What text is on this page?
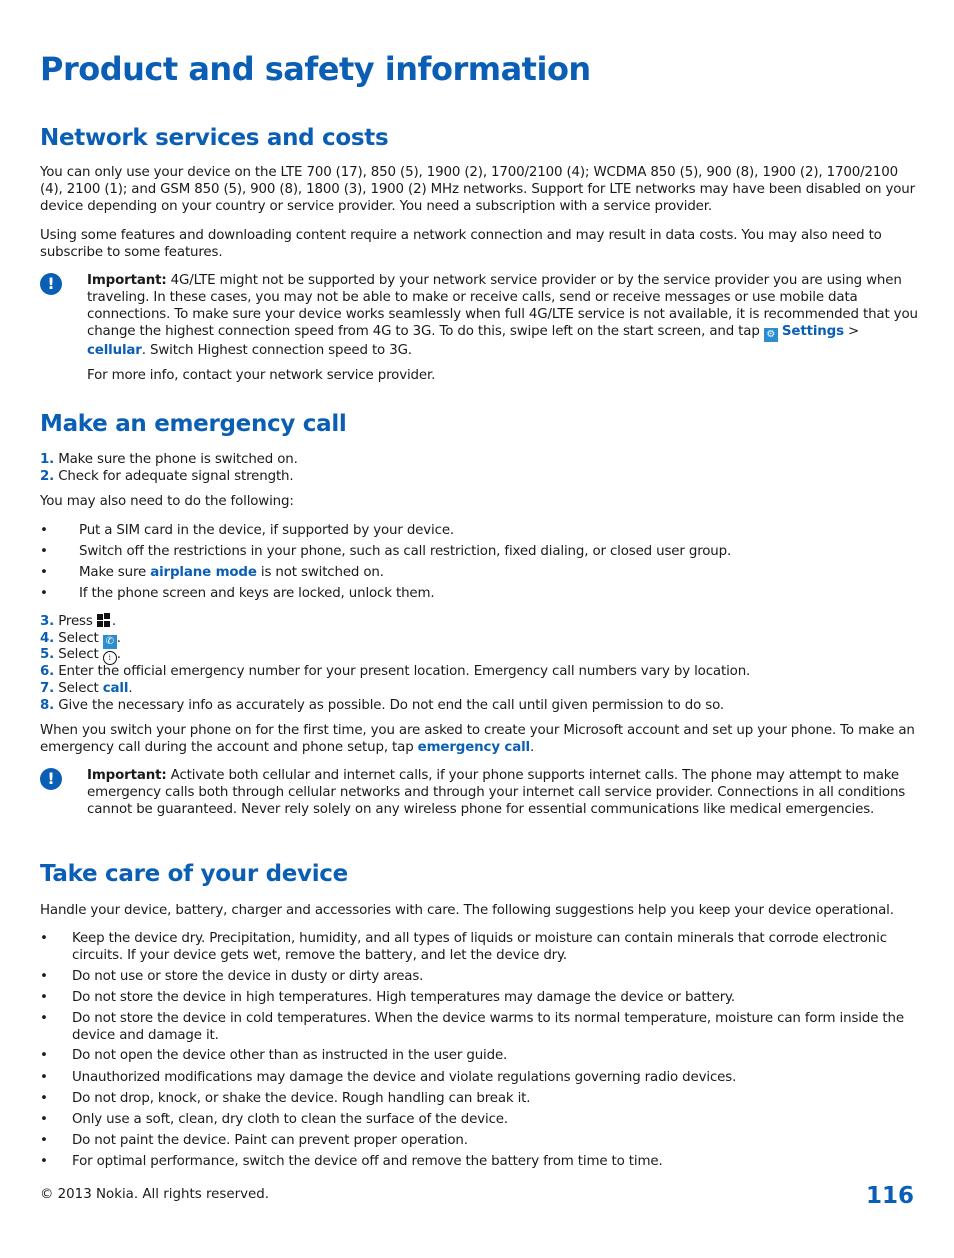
Product and safety information
Network services and costs

You can only use your device on the LTE 700 (17), 850 (5), 1900 (2), 1700/2100 (4); WCDMA 850 (5), 900 (8), 1900 (2), 1700/2100 (4), 2100 (1); and GSM 850 (5), 900 (8), 1800 (3), 1900 (2) MHz networks. Support for LTE networks may have been disabled on your device depending on your country or service provider. You need a subscription with a service provider.

Using some features and downloading content require a network connection and may result in data costs. You may also need to subscribe to some features.

!	Important: 4G/LTE might not be supported by your network service provider or by the service provider you are using when traveling. In these cases, you may not be able to make or receive calls, send or receive messages or use mobile data connections. To make sure your device works seamlessly when full 4G/LTE service is not available, it is recommended that you change the highest connection speed from 4G to 3G. To do this, swipe left on the start screen, and tap ⚙ Settings > cellular. Switch Highest connection speed to 3G.

For more info, contact your network service provider.

Make an emergency call

1. Make sure the phone is switched on.

2. Check for adequate signal strength.

You may also need to do the following:

• Put a SIM card in the device, if supported by your device.
• Switch off the restrictions in your phone, such as call restriction, fixed dialing, or closed user group.
• Make sure airplane mode is not switched on.
• If the phone screen and keys are locked, unlock them.

3. Press .

4. Select ✆ .

5. Select ⁞ .

6. Enter the official emergency number for your present location. Emergency call numbers vary by location.

7. Select call.

8. Give the necessary info as accurately as possible. Do not end the call until given permission to do so.

When you switch your phone on for the first time, you are asked to create your Microsoft account and set up your phone. To make an emergency call during the account and phone setup, tap emergency call.

!	Important: Activate both cellular and internet calls, if your phone supports internet calls. The phone may attempt to make emergency calls both through cellular networks and through your internet call service provider. Connections in all conditions cannot be guaranteed. Never rely solely on any wireless phone for essential communications like medical emergencies.

Take care of your device

Handle your device, battery, charger and accessories with care. The following suggestions help you keep your device operational.

• Keep the device dry. Precipitation, humidity, and all types of liquids or moisture can contain minerals that corrode electronic circuits. If your device gets wet, remove the battery, and let the device dry.
• Do not use or store the device in dusty or dirty areas.
• Do not store the device in high temperatures. High temperatures may damage the device or battery.
• Do not store the device in cold temperatures. When the device warms to its normal temperature, moisture can form inside the device and damage it.
• Do not open the device other than as instructed in the user guide.
• Unauthorized modifications may damage the device and violate regulations governing radio devices.
• Do not drop, knock, or shake the device. Rough handling can break it.
• Only use a soft, clean, dry cloth to clean the surface of the device.
• Do not paint the device. Paint can prevent proper operation.
• For optimal performance, switch the device off and remove the battery from time to time.
© 2013 Nokia. All rights reserved.	116
